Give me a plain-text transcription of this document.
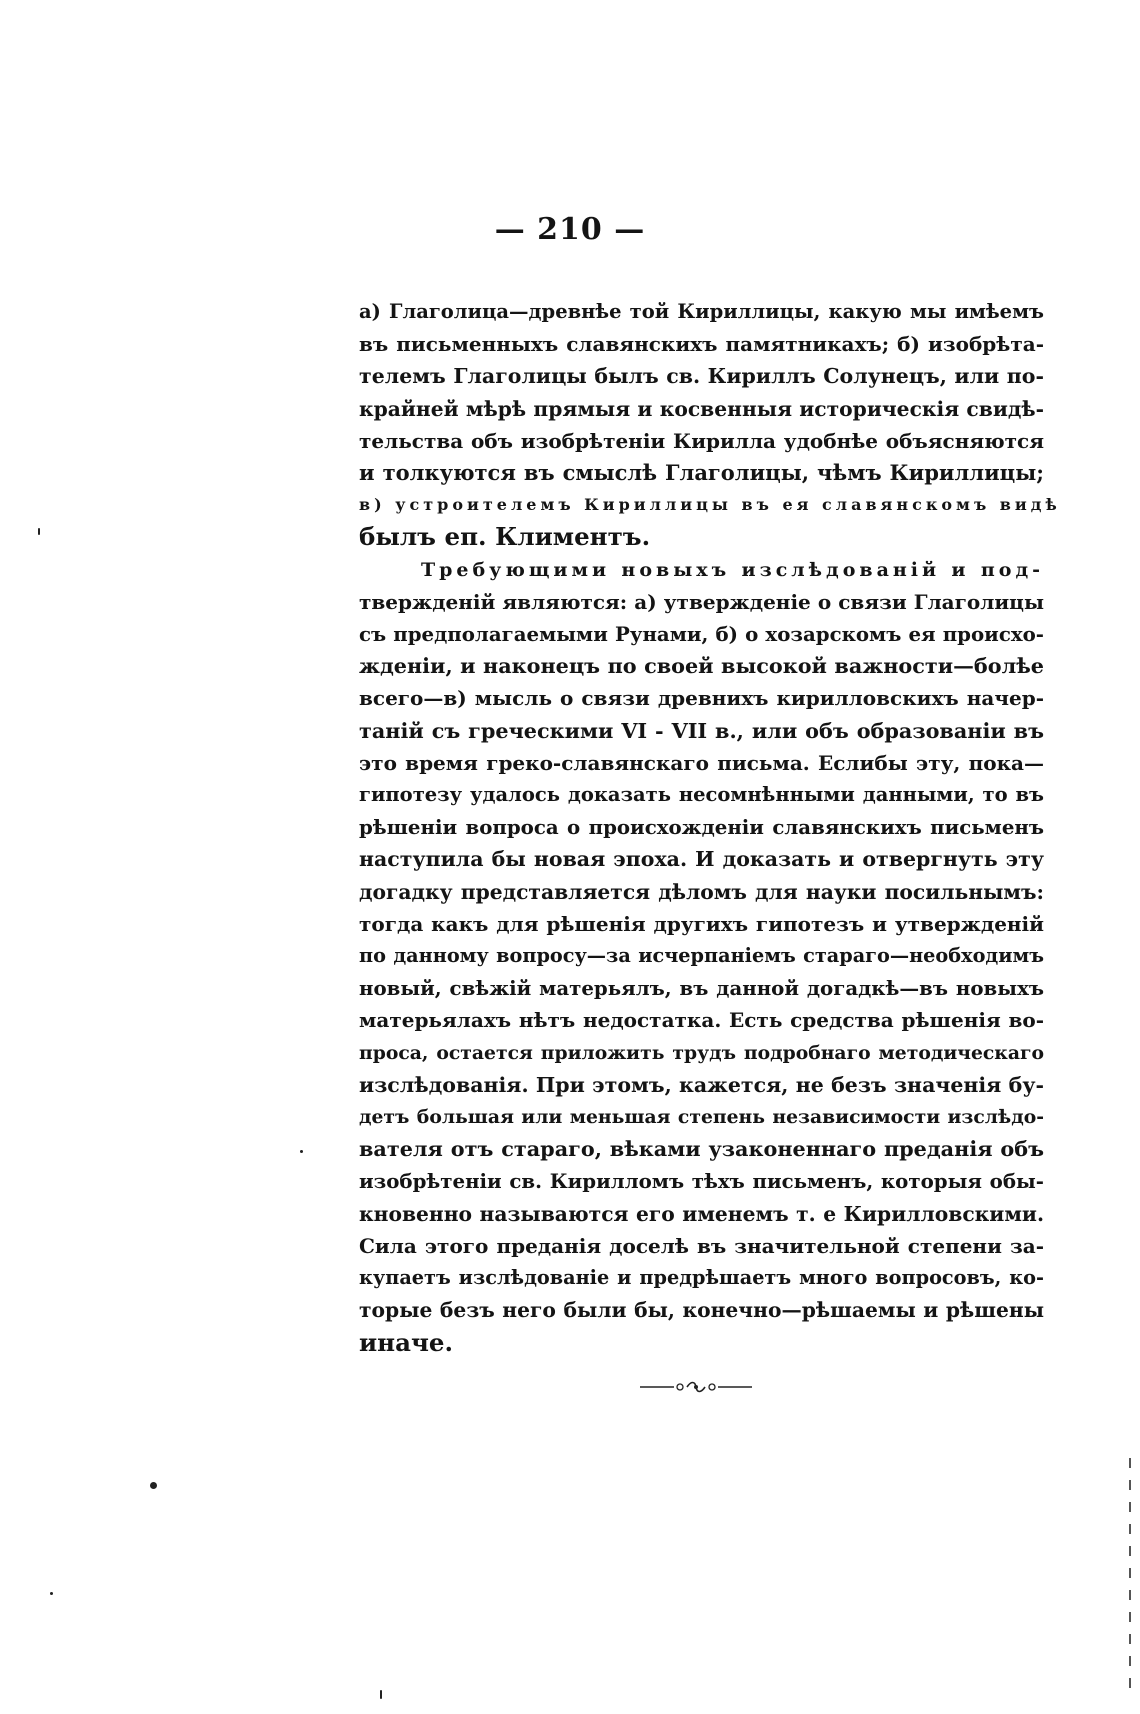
— 210 —
а) Глаголица—древнѣе той Кириллицы, какую мы имѣемъ
въ письменныхъ славянскихъ памятникахъ; б) изобрѣта-
телемъ Глаголицы былъ св. Кириллъ Солунецъ, или по-
крайней мѣрѣ прямыя и косвенныя историческія свидѣ-
тельства объ изобрѣтеніи Кирилла удобнѣе объясняются
и толкуются въ смыслѣ Глаголицы, чѣмъ Кириллицы;
в) устроителемъ Кириллицы въ ея славянскомъ видѣ
былъ еп. Климентъ.
Требующими новыхъ изслѣдованій и под-
твержденій являются: а) утвержденіе о связи Глаголицы
съ предполагаемыми Рунами, б) о хозарскомъ ея происхо-
жденіи, и наконецъ по своей высокой важности—болѣе
всего—в) мысль о связи древнихъ кирилловскихъ начер-
таній съ греческими VI - VII в., или объ образованіи въ
это время греко-славянскаго письма. Еслибы эту, пока—
гипотезу удалось доказать несомнѣнными данными, то въ
рѣшеніи вопроса о происхожденіи славянскихъ письменъ
наступила бы новая эпоха. И доказать и отвергнуть эту
догадку представляется дѣломъ для науки посильнымъ:
тогда какъ для рѣшенія другихъ гипотезъ и утвержденій
по данному вопросу—за исчерпаніемъ стараго—необходимъ
новый, свѣжій матерьялъ, въ данной догадкѣ—въ новыхъ
матерьялахъ нѣтъ недостатка. Есть средства рѣшенія во-
проса, остается приложить трудъ подробнаго методическаго
изслѣдованія. При этомъ, кажется, не безъ значенія бу-
детъ большая или меньшая степень независимости изслѣдо-
вателя отъ стараго, вѣками узаконеннаго преданія объ
изобрѣтеніи св. Кирилломъ тѣхъ письменъ, которыя обы-
кновенно называются его именемъ т. е Кирилловскими.
Сила этого преданія доселѣ въ значительной степени за-
купаетъ изслѣдованіе и предрѣшаетъ много вопросовъ, ко-
торые безъ него были бы, конечно—рѣшаемы и рѣшены
иначе.
